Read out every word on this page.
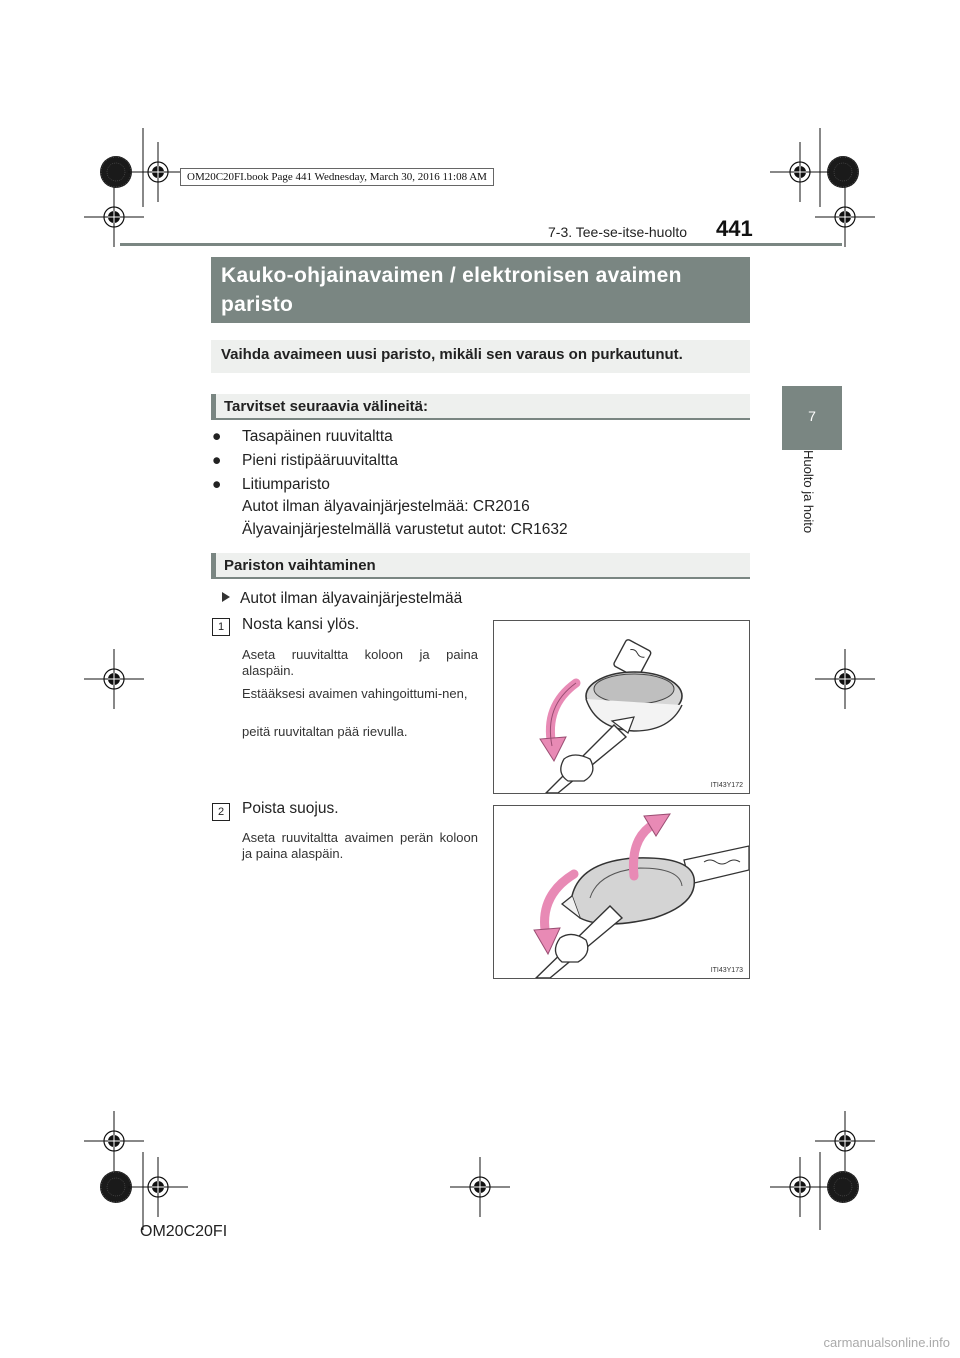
OM20C20FI.book Page 441 Wednesday, March 30, 2016 11:08 AM
7-3. Tee-se-itse-huolto 441
7
Huolto ja hoito
Kauko-ohjainavaimen / elektronisen avaimen paristo
Vaihda avaimeen uusi paristo, mikäli sen varaus on purkautunut.
Tarvitset seuraavia välineitä:
● Tasapäinen ruuvitaltta
● Pieni ristipääruuvitaltta
● Litiumparisto
Autot ilman älyavainjärjestelmää: CR2016
Älyavainjärjestelmällä varustetut autot: CR1632
Pariston vaihtaminen
Autot ilman älyavainjärjestelmää
1	Nosta kansi ylös.
Aseta ruuvitaltta koloon ja paina alaspäin.
Estääksesi avaimen vahingoittumi-nen,
peitä ruuvitaltan pää rievulla.
ITI43Y172
2	Poista suojus.
Aseta ruuvitaltta avaimen perän koloon ja paina alaspäin.
ITI43Y173
OM20C20FI
carmanualsonline.info
